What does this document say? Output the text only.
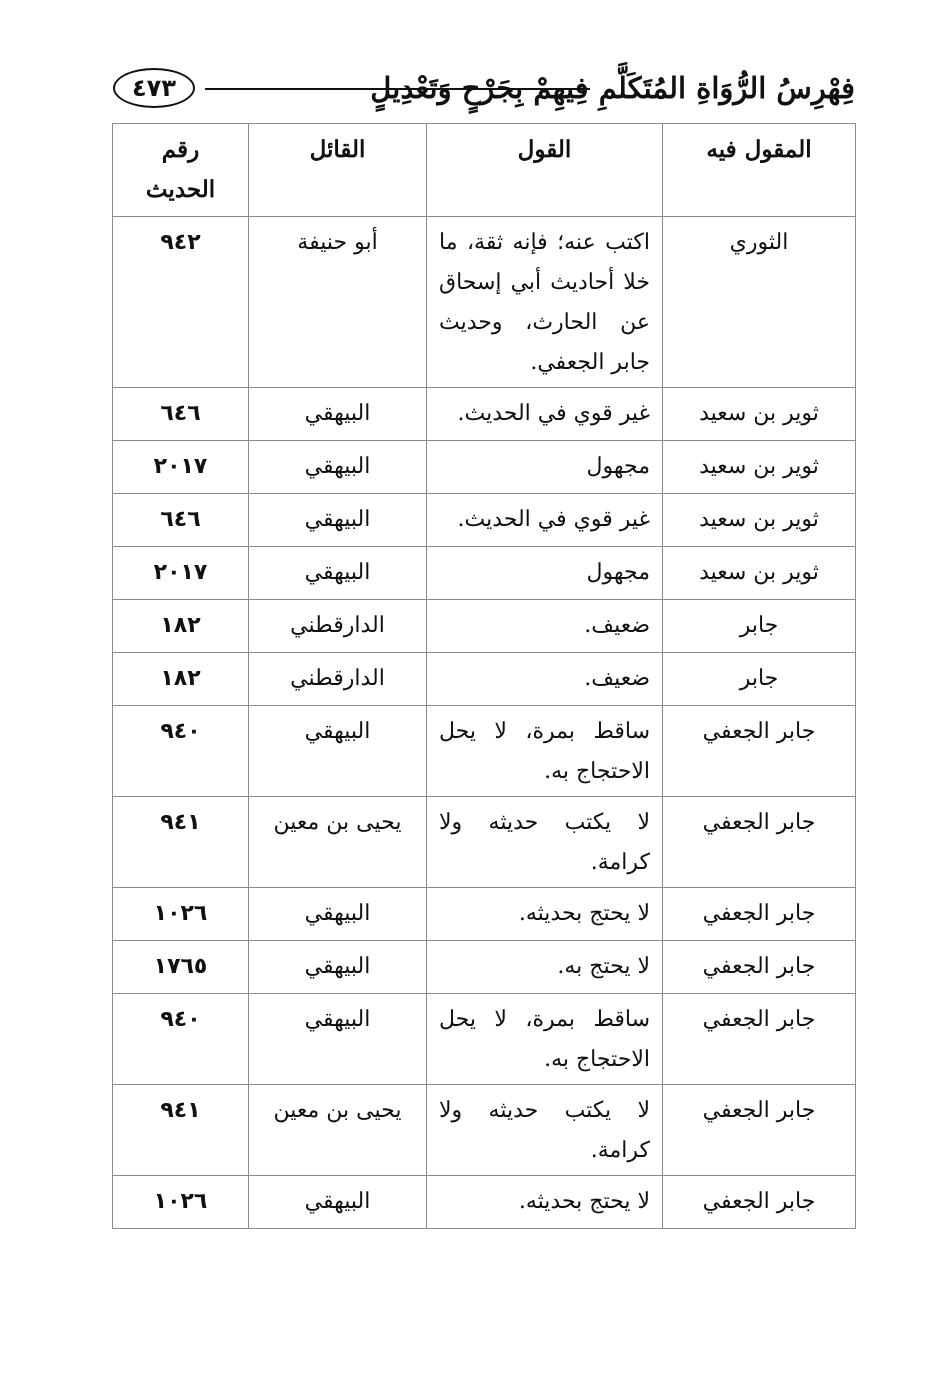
٤٧٣	فِهْرِسُ الرُّوَاةِ المُتَكَلَّمِ فِيهِمْ بِجَرْحٍ وَتَعْدِيلٍ
المقول فيه	القول	القائل	رقم الحديث
الثوري	اكتب عنه؛ فإنه ثقة، ما خلا أحاديث أبي إسحاق عن الحارث، وحديث جابر الجعفي.	أبو حنيفة	٩٤٢
ثوير بن سعيد	غير قوي في الحديث.	البيهقي	٦٤٦
ثوير بن سعيد	مجهول	البيهقي	٢٠١٧
ثوير بن سعيد	غير قوي في الحديث.	البيهقي	٦٤٦
ثوير بن سعيد	مجهول	البيهقي	٢٠١٧
جابر	ضعيف.	الدارقطني	١٨٢
جابر	ضعيف.	الدارقطني	١٨٢
جابر الجعفي	ساقط بمرة، لا يحل الاحتجاج به.	البيهقي	٩٤٠
جابر الجعفي	لا يكتب حديثه ولا كرامة.	يحيى بن معين	٩٤١
جابر الجعفي	لا يحتج بحديثه.	البيهقي	١٠٢٦
جابر الجعفي	لا يحتج به.	البيهقي	١٧٦٥
جابر الجعفي	ساقط بمرة، لا يحل الاحتجاج به.	البيهقي	٩٤٠
جابر الجعفي	لا يكتب حديثه ولا كرامة.	يحيى بن معين	٩٤١
جابر الجعفي	لا يحتج بحديثه.	البيهقي	١٠٢٦
